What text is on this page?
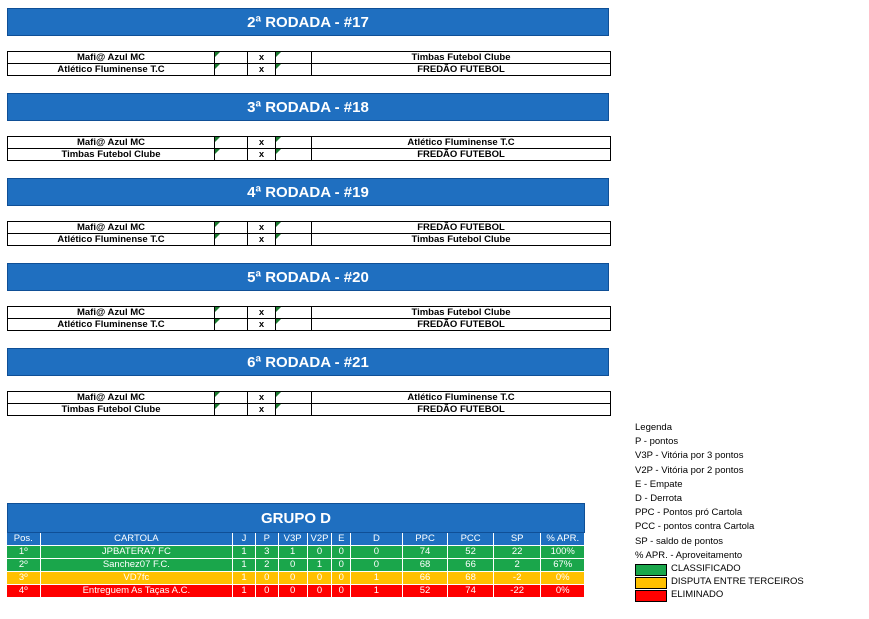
2ª RODADA - #17
Mafi@ Azul MC		x		Timbas Futebol Clube
Atlético Fluminense T.C		x		FREDÃO FUTEBOL
3ª RODADA - #18
Mafi@ Azul MC		x		Atlético Fluminense T.C
Timbas Futebol Clube		x		FREDÃO FUTEBOL
4ª RODADA - #19
Mafi@ Azul MC		x		FREDÃO FUTEBOL
Atlético Fluminense T.C		x		Timbas Futebol Clube
5ª RODADA - #20
Mafi@ Azul MC		x		Timbas Futebol Clube
Atlético Fluminense T.C		x		FREDÃO FUTEBOL
6ª RODADA - #21
Mafi@ Azul MC		x		Atlético Fluminense T.C
Timbas Futebol Clube		x		FREDÃO FUTEBOL
Legenda
P - pontos
V3P - Vitória por 3 pontos
V2P - Vitória por 2 pontos
E - Empate
D - Derrota
PPC - Pontos pró Cartola
PCC - pontos contra Cartola
SP - saldo de pontos
% APR. - Aproveitamento
CLASSIFICADO
DISPUTA ENTRE TERCEIROS
ELIMINADO
GRUPO D
Pos.	CARTOLA	J	P	V3P	V2P	E	D	PPC	PCC	SP	% APR.
1º	JPBATERA7 FC	1	3	1	0	0	0	74	52	22	100%
2º	Sanchez07 F.C.	1	2	0	1	0	0	68	66	2	67%
3º	VD7fc	1	0	0	0	0	1	66	68	-2	0%
4º	Entreguem As Taças A.C.	1	0	0	0	0	1	52	74	-22	0%
